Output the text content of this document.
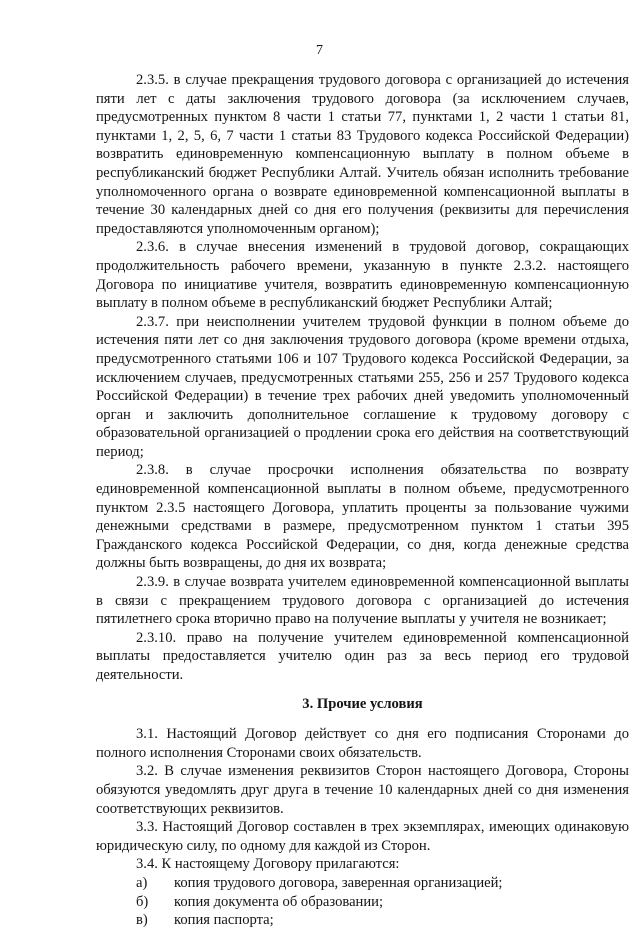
7

2.3.5. в случае прекращения трудового договора с организацией до истечения пяти лет с даты заключения трудового договора (за исключением случаев, предусмотренных пунктом 8 части 1 статьи 77, пунктами 1, 2 части 1 статьи 81, пунктами 1, 2, 5, 6, 7 части 1 статьи 83 Трудового кодекса Российской Федерации) возвратить единовременную компенсационную выплату в полном объеме в республиканский бюджет Республики Алтай. Учитель обязан исполнить требование уполномоченного органа о возврате единовременной компенсационной выплаты в течение 30 календарных дней со дня его получения (реквизиты для перечисления предоставляются уполномоченным органом);

2.3.6. в случае внесения изменений в трудовой договор, сокращающих продолжительность рабочего времени, указанную в пункте 2.3.2. настоящего Договора по инициативе учителя, возвратить единовременную компенсационную выплату в полном объеме в республиканский бюджет Республики Алтай;

2.3.7. при неисполнении учителем трудовой функции в полном объеме до истечения пяти лет со дня заключения трудового договора (кроме времени отдыха, предусмотренного статьями 106 и 107 Трудового кодекса Российской Федерации, за исключением случаев, предусмотренных статьями 255, 256 и 257 Трудового кодекса Российской Федерации) в течение трех рабочих дней уведомить уполномоченный орган и заключить дополнительное соглашение к трудовому договору с образовательной организацией о продлении срока его действия на соответствующий период;

2.3.8. в случае просрочки исполнения обязательства по возврату единовременной компенсационной выплаты в полном объеме, предусмотренного пунктом 2.3.5 настоящего Договора, уплатить проценты за пользование чужими денежными средствами в размере, предусмотренном пунктом 1 статьи 395 Гражданского кодекса Российской Федерации, со дня, когда денежные средства должны быть возвращены, до дня их возврата;

2.3.9. в случае возврата учителем единовременной компенсационной выплаты в связи с прекращением трудового договора с организацией до истечения пятилетнего срока вторично право на получение выплаты у учителя не возникает;

2.3.10. право на получение учителем единовременной компенсационной выплаты предоставляется учителю один раз за весь период его трудовой деятельности.

3. Прочие условия

3.1. Настоящий Договор действует со дня его подписания Сторонами до полного исполнения Сторонами своих обязательств.

3.2. В случае изменения реквизитов Сторон настоящего Договора, Стороны обязуются уведомлять друг друга в течение 10 календарных дней со дня изменения соответствующих реквизитов.

3.3. Настоящий Договор составлен в трех экземплярах, имеющих одинаковую юридическую силу, по одному для каждой из Сторон.

3.4. К настоящему Договору прилагаются:

а)	копия трудового договора, заверенная организацией;
б)	копия документа об образовании;
в)	копия паспорта;
